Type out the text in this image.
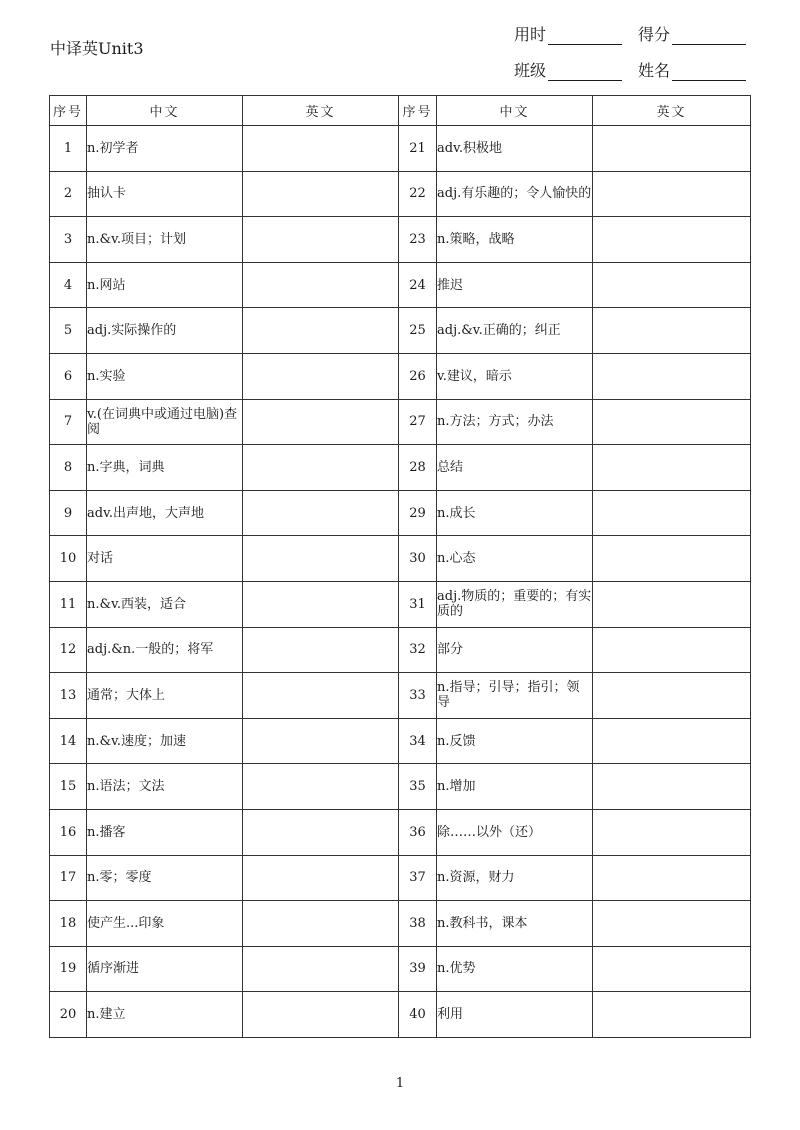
中译英Unit3
用时	得分
班级	姓名
序号	中文	英文	序号	中文	英文
1	n.初学者		21	adv.积极地	
2	抽认卡		22	adj.有乐趣的；令人愉快的	
3	n.&v.项目；计划		23	n.策略，战略	
4	n.网站		24	推迟	
5	adj.实际操作的		25	adj.&v.正确的；纠正	
6	n.实验		26	v.建议，暗示	
7	v.(在词典中或通过电脑)查阅		27	n.方法；方式；办法	
8	n.字典，词典		28	总结	
9	adv.出声地，大声地		29	n.成长	
10	对话		30	n.心态	
11	n.&v.西装，适合		31	adj.物质的；重要的；有实质的	
12	adj.&n.一般的；将军		32	部分	
13	通常；大体上		33	n.指导；引导；指引；领导	
14	n.&v.速度；加速		34	n.反馈	
15	n.语法；文法		35	n.增加	
16	n.播客		36	除……以外（还）	
17	n.零；零度		37	n.资源，财力	
18	使产生...印象		38	n.教科书，课本	
19	循序渐进		39	n.优势	
20	n.建立		40	利用	
1
